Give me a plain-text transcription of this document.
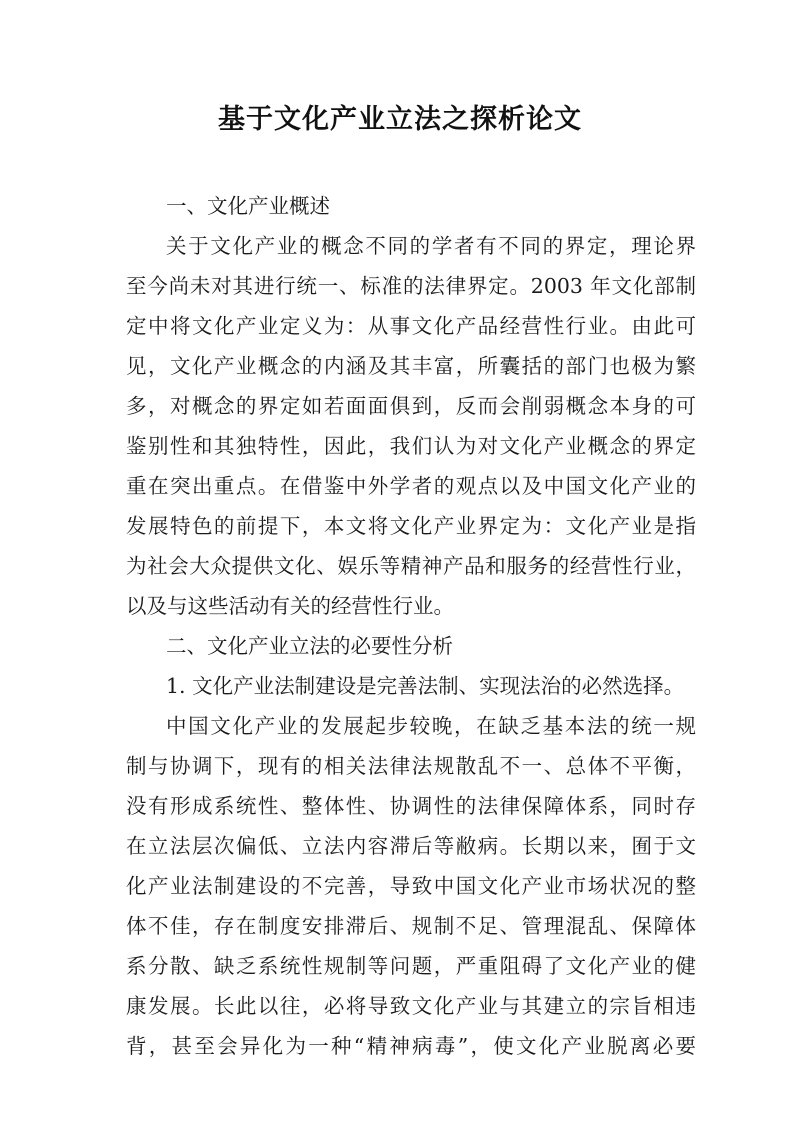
基于文化产业立法之探析论文
一、文化产业概述
关于文化产业的概念不同的学者有不同的界定，理论界
至今尚未对其进行统一、标准的法律界定。2003 年文化部制
定中将文化产业定义为：从事文化产品经营性行业。由此可
见，文化产业概念的内涵及其丰富，所囊括的部门也极为繁
多，对概念的界定如若面面俱到，反而会削弱概念本身的可
鉴别性和其独特性，因此，我们认为对文化产业概念的界定
重在突出重点。在借鉴中外学者的观点以及中国文化产业的
发展特色的前提下，本文将文化产业界定为：文化产业是指
为社会大众提供文化、娱乐等精神产品和服务的经营性行业，
以及与这些活动有关的经营性行业。
二、文化产业立法的必要性分析
1. 文化产业法制建设是完善法制、实现法治的必然选择。
中国文化产业的发展起步较晚，在缺乏基本法的统一规
制与协调下，现有的相关法律法规散乱不一、总体不平衡，
没有形成系统性、整体性、协调性的法律保障体系，同时存
在立法层次偏低、立法内容滞后等敝病。长期以来，囿于文
化产业法制建设的不完善，导致中国文化产业市场状况的整
体不佳，存在制度安排滞后、规制不足、管理混乱、保障体
系分散、缺乏系统性规制等问题，严重阻碍了文化产业的健
康发展。长此以往，必将导致文化产业与其建立的宗旨相违
背，甚至会异化为一种“精神病毒”，使文化产业脱离必要
